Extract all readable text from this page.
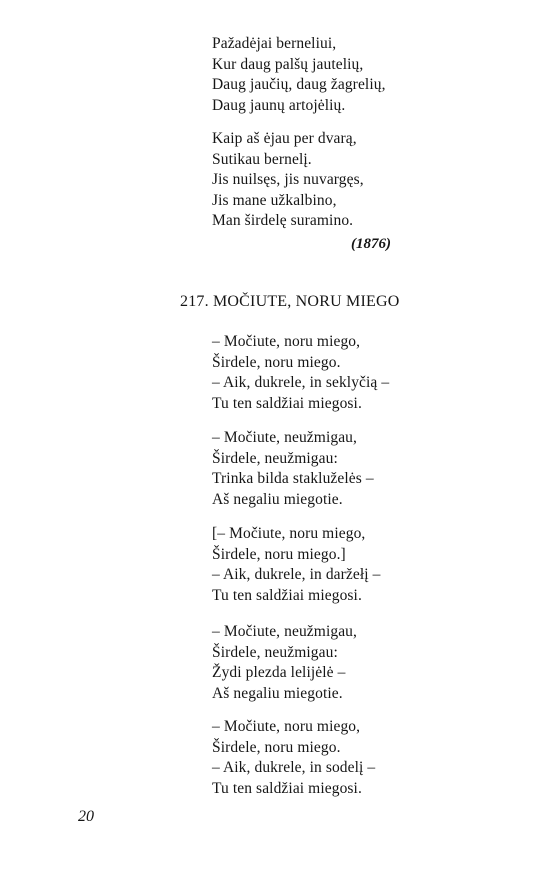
Pažadėjai berneliui,
Kur daug palšų jautelių,
Daug jaučių, daug žagrelių,
Daug jaunų artojėlių.
Kaip aš ėjau per dvarą,
Sutikau bernelį.
Jis nuilsęs, jis nuvargęs,
Jis mane užkalbino,
Man širdelę suramino.
(1876)
217. MOČIUTE, NORU MIEGO
– Močiute, noru miego,
Širdele, noru miego.
– Aik, dukrele, in seklyčią –
Tu ten saldžiai miegosi.
– Močiute, neužmigau,
Širdele, neužmigau:
Trinka bilda stakluželės –
Aš negaliu miegotie.
[– Močiute, noru miego,
Širdele, noru miego.]
– Aik, dukrele, in daržełį –
Tu ten saldžiai miegosi.
– Močiute, neužmigau,
Širdele, neužmigau:
Žydi plezda lelijėlė –
Aš negaliu miegotie.
– Močiute, noru miego,
Širdele, noru miego.
– Aik, dukrele, in sodelį –
Tu ten saldžiai miegosi.
20
